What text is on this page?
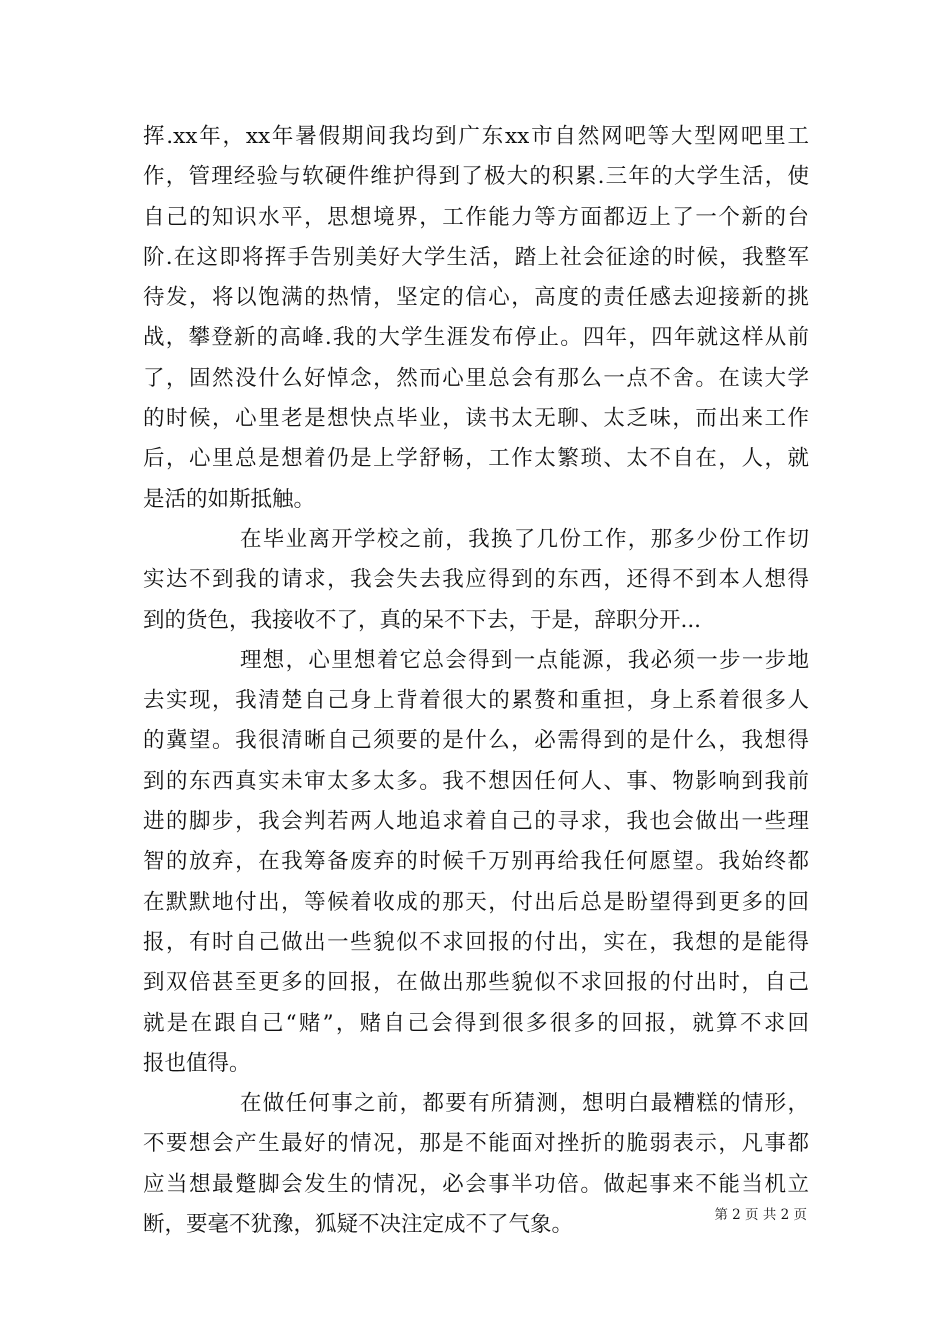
挥.xx年，xx年暑假期间我均到广东xx市自然网吧等大型网吧里工
作，管理经验与软硬件维护得到了极大的积累.三年的大学生活，使
自己的知识水平，思想境界，工作能力等方面都迈上了一个新的台
阶.在这即将挥手告别美好大学生活，踏上社会征途的时候，我整军
待发，将以饱满的热情，坚定的信心，高度的责任感去迎接新的挑
战，攀登新的高峰.我的大学生涯发布停止。四年，四年就这样从前
了，固然没什么好悼念，然而心里总会有那么一点不舍。在读大学
的时候，心里老是想快点毕业，读书太无聊、太乏味，而出来工作
后，心里总是想着仍是上学舒畅，工作太繁琐、太不自在，人，就
是活的如斯抵触。
在毕业离开学校之前，我换了几份工作，那多少份工作切
实达不到我的请求，我会失去我应得到的东西，还得不到本人想得
到的货色，我接收不了，真的呆不下去，于是，辞职分开...
理想，心里想着它总会得到一点能源，我必须一步一步地
去实现，我清楚自己身上背着很大的累赘和重担，身上系着很多人
的冀望。我很清晰自己须要的是什么，必需得到的是什么，我想得
到的东西真实未审太多太多。我不想因任何人、事、物影响到我前
进的脚步，我会判若两人地追求着自己的寻求，我也会做出一些理
智的放弃，在我筹备废弃的时候千万别再给我任何愿望。我始终都
在默默地付出，等候着收成的那天，付出后总是盼望得到更多的回
报，有时自己做出一些貌似不求回报的付出，实在，我想的是能得
到双倍甚至更多的回报，在做出那些貌似不求回报的付出时，自己
就是在跟自己“赌”，赌自己会得到很多很多的回报，就算不求回
报也值得。
在做任何事之前，都要有所猜测，想明白最糟糕的情形，
不要想会产生最好的情况，那是不能面对挫折的脆弱表示，凡事都
应当想最蹩脚会发生的情况，必会事半功倍。做起事来不能当机立
断，要毫不犹豫，狐疑不决注定成不了气象。	第 2 页 共 2 页
